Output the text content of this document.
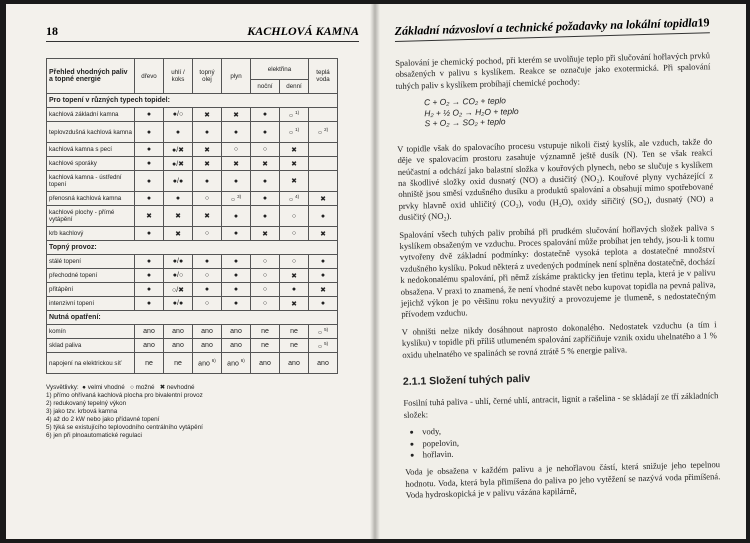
18	KACHLOVÁ KAMNA
Přehled vhodných paliv a topné energie	dřevo	uhlí / koks	topný olej	plyn	elektřina		teplá voda
					noční	denní	
Pro topení v různých typech topidel:							
kachlová základní kamna	●	●/○	✖	✖	●	○ $^{1)}$	
teplovzdušná kachlová kamna	●	●	●	●	●	○ $^{1)}$	○ $^{2)}$
kachlová kamna s pecí	●	●/✖	✖	○	○	✖	
kachlové sporáky	●	●/✖	✖	✖	✖	✖	
kachlová kamna - ústřední topení	●	●/●	●	●	●	✖	
přenosná kachlová kamna	●	●	○	○ $^{3)}$	●	○ $^{4)}$	✖
kachlové plochy - přímé vytápění	✖	✖	✖	●	●	○	●
krb kachlový	●	✖	○	●	✖	○	✖
Topný provoz:							
stálé topení	●	●/●	●	●	○	○	●
přechodné topení	●	●/○	○	●	○	✖	●
přitápění	●	○/✖	●	●	○	●	✖
intenzivní topení	●	●/●	○	●	○	✖	●
Nutná opatření:							
komín	ano	ano	ano	ano	ne	ne	○ $^{5)}$
sklad paliva	ano	ano	ano	ano	ne	ne	○ $^{5)}$
napojení na elektrickou síť	ne	ne	ano $^{6)}$	ano $^{6)}$	ano	ano	ano
Vysvětlivky: ● velmi vhodné ○ možné ✖ nevhodné
1) přímo ohřívaná kachlová plocha pro bivalentní provoz
2) redukovaný tepelný výkon
3) jako tzv. krbová kamna
4) až do 2 kW nebo jako přídavné topení
5) týká se existujícího teplovodního centrálního vytápění
6) jen při plnoautomatické regulaci
Základní názvosloví a technické požadavky na lokální topidla 19

Spalování je chemický pochod, při kterém se uvolňuje teplo při slučování hořlavých prvků obsažených v palivu s kyslíkem. Reakce se označuje jako exotermická. Při spalování tuhých paliv s kyslíkem probíhají chemické pochody:

C + O₂ → CO₂ + teplo
H₂ + ½ O₂ → H₂O + teplo
S + O₂ → SO₂ + teplo

V topidle však do spalovacího procesu vstupuje nikoli čistý kyslík, ale vzduch, takže do děje ve spalovacím prostoru zasahuje významně ještě dusík (N). Ten se však reakcí neúčastní a odchází jako balastní složka v kouřových plynech, nebo se slučuje s kyslíkem na škodlivé složky oxid dusnatý (NO) a dusičitý (NO₂). Kouřové plyny vycházející z ohniště jsou směsí vzdušného dusíku a produktů spalování a obsahují mimo spotřebované prvky hlavně oxid uhličitý (CO₂), vodu (H₂O), oxidy siřičitý (SO₂), dusnatý (NO) a dusičitý (NO₂).

Spalování všech tuhých paliv probíhá při prudkém slučování hořlavých složek paliva s kyslíkem obsaženým ve vzduchu. Proces spalování může probíhat jen tehdy, jsou-li k tomu vytvořeny dvě základní podmínky: dostatečně vysoká teplota a dostatečné množství vzdušného kyslíku. Pokud některá z uvedených podmínek není splněna dostatečně, dochází k nedokonalému spalování, při němž získáme prakticky jen třetinu tepla, která je v palivu obsažena. V praxi to znamená, že není vhodné stavět nebo kupovat topidla na pevná paliva, jejichž výkon je po většinu roku nevyužitý a provozujeme je tlumeně, s nedostatečným přívodem vzduchu.

V ohništi nelze nikdy dosáhnout naprosto dokonalého. Nedostatek vzduchu (a tím i kyslíku) v topidle při příliš utlumeném spalování zapříčiňuje vznik oxidu uhelnatého a 1 % oxidu uhelnatého ve spalinách se rovná ztrátě 5 % energie paliva.

2.1.1 Složení tuhých paliv

Fosilní tuhá paliva - uhlí, černé uhlí, antracit, lignit a rašelina - se skládají ze tří základních složek:

• vody,
• popelovin,
• hořlavin.

Voda je obsažena v každém palivu a je nehořlavou částí, která snižuje jeho tepelnou hodnotu. Voda, která byla přimíšena do paliva po jeho vytěžení se nazývá voda přimíšená. Voda hydroskopická je v palivu vázána kapilárně,
